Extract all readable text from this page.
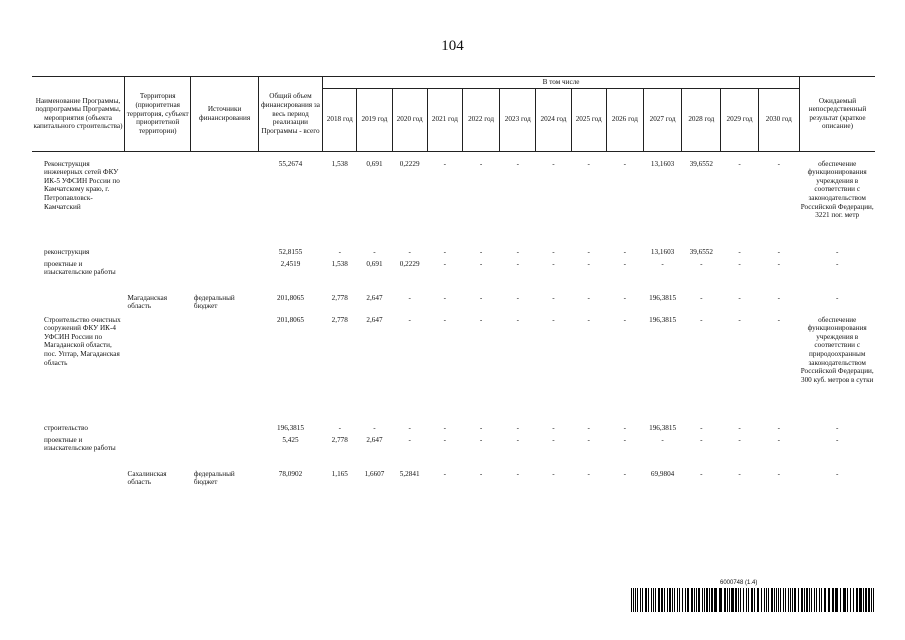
104
Наименование Программы, подпрограммы Программы, мероприятия (объекта капитального строительства)	Территория (приоритетная территория, субъект приоритетной территории)	Источники финансирования	Общий объем финансирования за весь период реализации Программы - всего	В том числе													Ожидаемый непосредственный результат (краткое описание)
				2018 год	2019 год	2020 год	2021 год	2022 год	2023 год	2024 год	2025 год	2026 год	2027 год	2028 год	2029 год	2030 год	

Реконструкция инженерных сетей ФКУ ИК-5 УФСИН России по Камчатскому краю, г. Петропавловск-Камчатский			55,2674	1,538	0,691	0,2229	-	-	-	-	-	-	13,1603	39,6552	-	-	обеспечение функционирования учреждения в соответствии с законодательством Российской Федерации, 3221 пог. метр
реконструкция			52,8155	-	-	-	-	-	-	-	-	-	13,1603	39,6552	-	-	-
проектные и изыскательские работы			2,4519	1,538	0,691	0,2229	-	-	-	-	-	-	-	-	-	-	-
	Магаданская область	федеральный бюджет	201,8065	2,778	2,647	-	-	-	-	-	-	-	196,3815	-	-	-	-
Строительство очистных сооружений ФКУ ИК-4 УФСИН России по Магаданской области, пос. Уптар, Магаданская область			201,8065	2,778	2,647	-	-	-	-	-	-	-	196,3815	-	-	-	обеспечение функционирования учреждения в соответствии с природоохранным законодательством Российской Федерации, 300 куб. метров в сутки
строительство			196,3815	-	-	-	-	-	-	-	-	-	196,3815	-	-	-	-
проектные и изыскательские работы			5,425	2,778	2,647	-	-	-	-	-	-	-	-	-	-	-	-
	Сахалинская область	федеральный бюджет	78,0902	1,165	1,6607	5,2841	-	-	-	-	-	-	69,9804	-	-	-	-
6000748 (1.4)
